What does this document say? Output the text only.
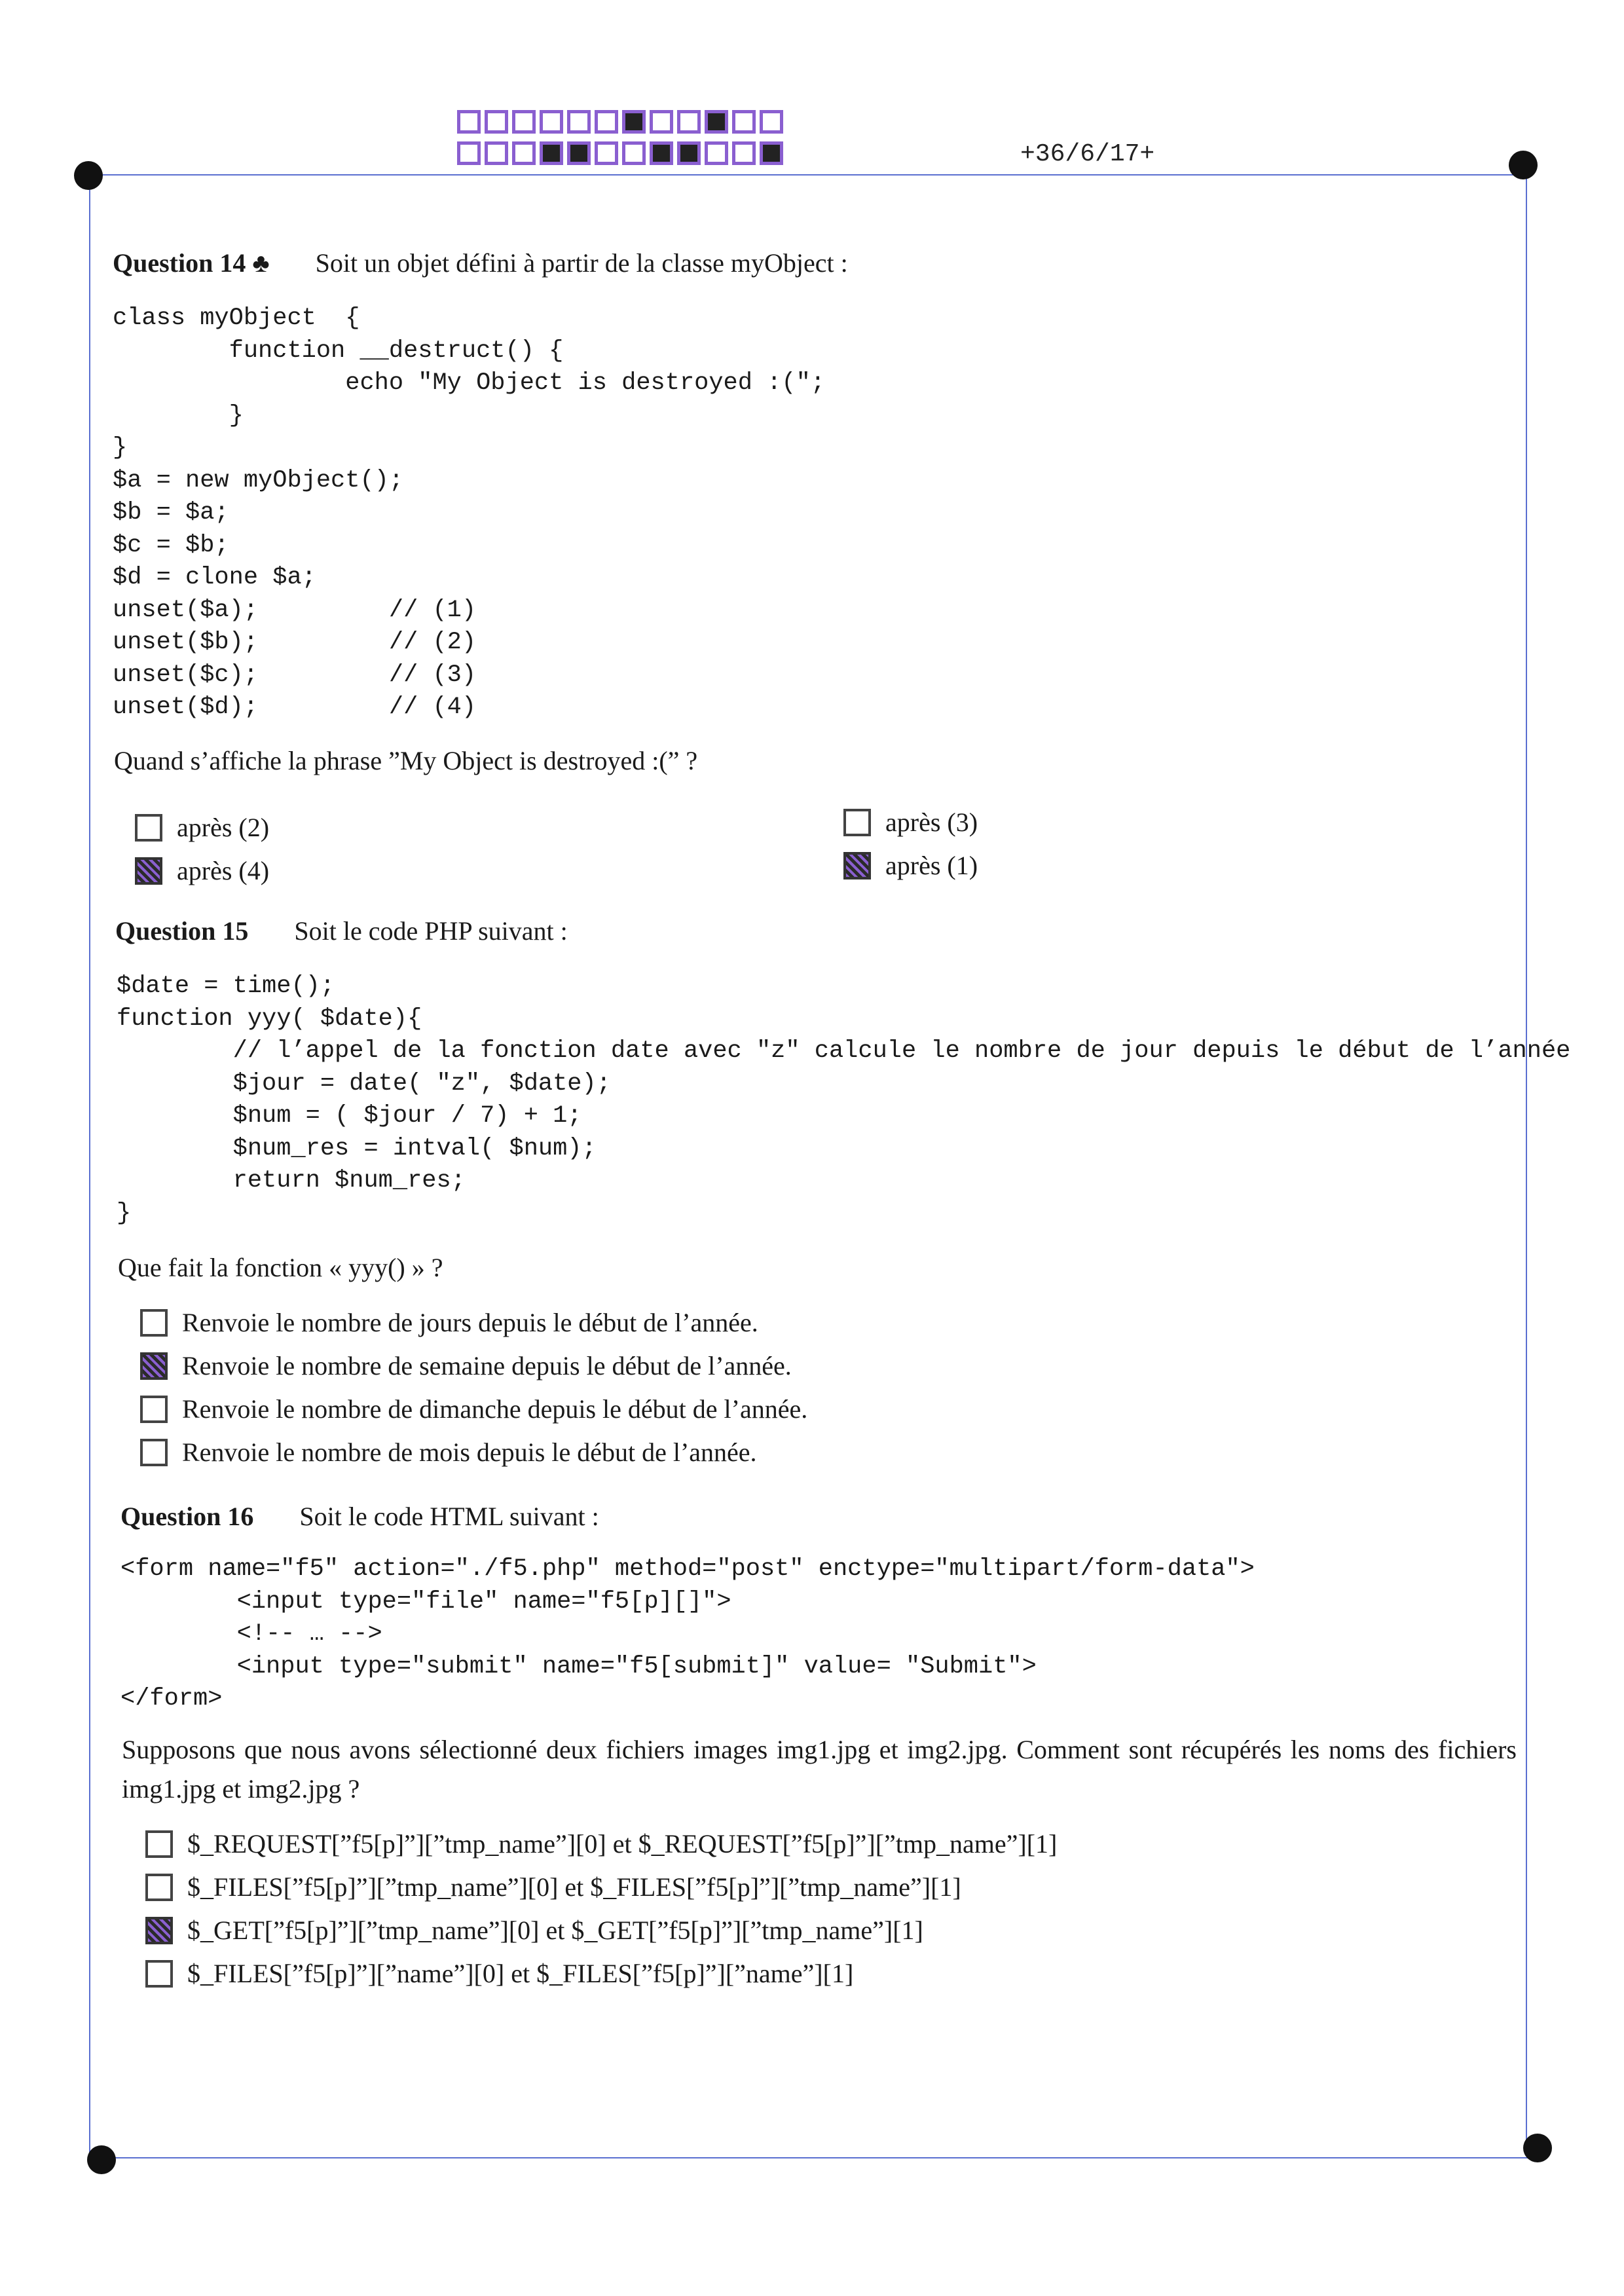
+36/6/17+
Question 14 ♣ Soit un objet défini à partir de la classe myObject :
class myObject  {
function __destruct() {
echo "My Object is destroyed :(";
}
}
$a = new myObject();
$b = $a;
$c = $b;
$d = clone $a;
unset($a);         // (1)
unset($b);         // (2)
unset($c);         // (3)
unset($d);         // (4)
Quand s’affiche la phrase ”My Object is destroyed :(” ?
après (2)	après (3)
après (4)	après (1)
Question 15 Soit le code PHP suivant :
$date = time();
function yyy( $date){
// l’appel de la fonction date avec "z" calcule le nombre de jour depuis le début de l’année
$jour = date( "z", $date);
$num = ( $jour / 7) + 1;
$num_res = intval( $num);
return $num_res;
}
Que fait la fonction « yyy() » ?
Renvoie le nombre de jours depuis le début de l’année.
Renvoie le nombre de semaine depuis le début de l’année.
Renvoie le nombre de dimanche depuis le début de l’année.
Renvoie le nombre de mois depuis le début de l’année.
Question 16 Soit le code HTML suivant :
<form name="f5" action="./f5.php" method="post" enctype="multipart/form-data">
<input type="file" name="f5[p][]">
<!-- … -->
<input type="submit" name="f5[submit]" value= "Submit">
</form>
Supposons que nous avons sélectionné deux fichiers images img1.jpg et img2.jpg. Comment sont récupérés les noms des fichiers img1.jpg et img2.jpg ?
$_REQUEST[”f5[p]”][”tmp_name”][0] et $_REQUEST[”f5[p]”][”tmp_name”][1]
$_FILES[”f5[p]”][”tmp_name”][0] et $_FILES[”f5[p]”][”tmp_name”][1]
$_GET[”f5[p]”][”tmp_name”][0] et $_GET[”f5[p]”][”tmp_name”][1]
$_FILES[”f5[p]”][”name”][0] et $_FILES[”f5[p]”][”name”][1]
